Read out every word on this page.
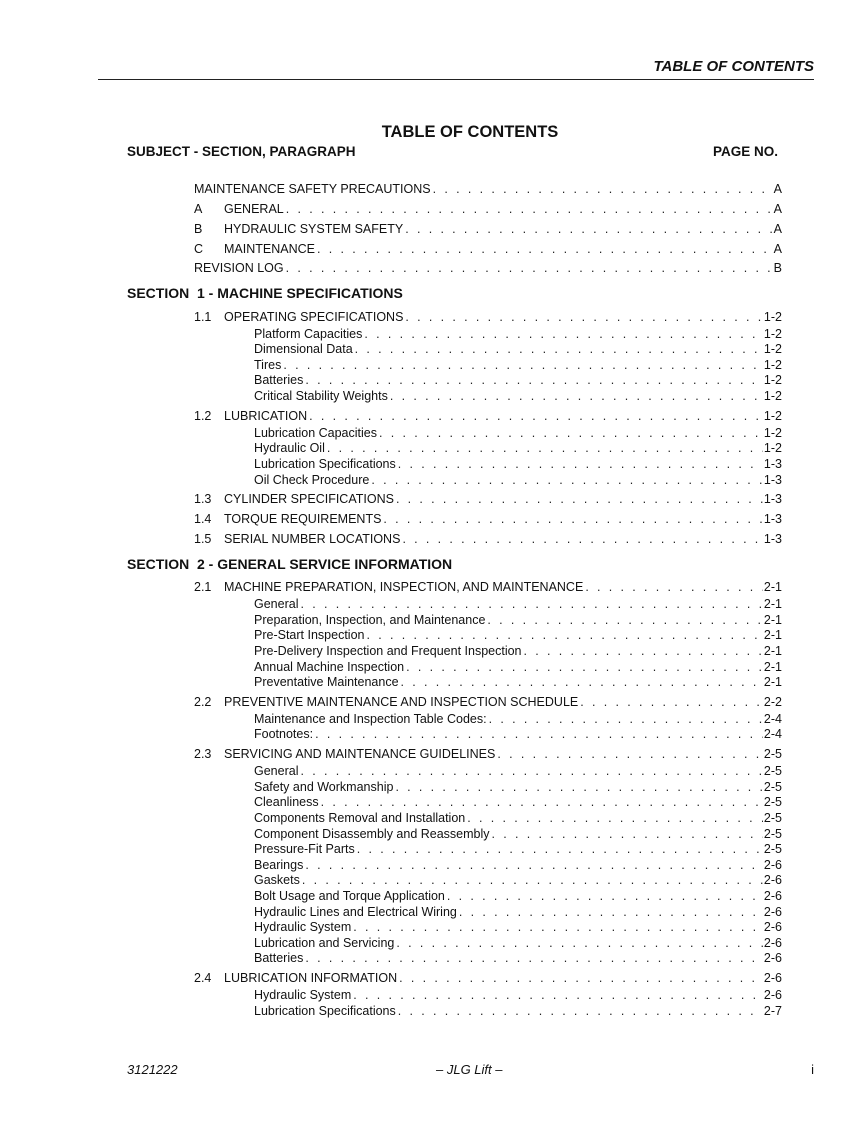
TABLE OF CONTENTS
TABLE OF CONTENTS
SUBJECT - SECTION, PARAGRAPH	PAGE NO.
MAINTENANCE SAFETY PRECAUTIONS . . .	A
A	GENERAL . . .	A
B	HYDRAULIC SYSTEM SAFETY . . .	A
C	MAINTENANCE . . .	A
REVISION LOG . . .	B
SECTION  1 - MACHINE SPECIFICATIONS
1.1	OPERATING SPECIFICATIONS . . .	1-2
Platform Capacities . . .	1-2
Dimensional Data . . .	1-2
Tires . . .	1-2
Batteries . . .	1-2
Critical Stability Weights . . .	1-2
1.2	LUBRICATION . . .	1-2
Lubrication Capacities . . .	1-2
Hydraulic Oil . . .	1-2
Lubrication Specifications . . .	1-3
Oil Check Procedure . . .	1-3
1.3	CYLINDER SPECIFICATIONS . . .	1-3
1.4	TORQUE REQUIREMENTS . . .	1-3
1.5	SERIAL NUMBER LOCATIONS . . .	1-3
SECTION  2 - GENERAL SERVICE INFORMATION
2.1	MACHINE PREPARATION, INSPECTION, AND MAINTENANCE . . .	2-1
General . . .	2-1
Preparation, Inspection, and Maintenance . . .	2-1
Pre-Start Inspection . . .	2-1
Pre-Delivery Inspection and Frequent Inspection . . .	2-1
Annual Machine Inspection . . .	2-1
Preventative Maintenance . . .	2-1
2.2	PREVENTIVE MAINTENANCE AND INSPECTION SCHEDULE . . .	2-2
Maintenance and Inspection Table Codes: . . .	2-4
Footnotes: . . .	2-4
2.3	SERVICING AND MAINTENANCE GUIDELINES . . .	2-5
General . . .	2-5
Safety and Workmanship . . .	2-5
Cleanliness . . .	2-5
Components Removal and Installation . . .	2-5
Component Disassembly and Reassembly . . .	2-5
Pressure-Fit Parts . . .	2-5
Bearings . . .	2-6
Gaskets . . .	2-6
Bolt Usage and Torque Application . . .	2-6
Hydraulic Lines and Electrical Wiring . . .	2-6
Hydraulic System . . .	2-6
Lubrication and Servicing . . .	2-6
Batteries . . .	2-6
2.4	LUBRICATION INFORMATION . . .	2-6
Hydraulic System . . .	2-6
Lubrication Specifications . . .	2-7
3121222	– JLG Lift –	i
